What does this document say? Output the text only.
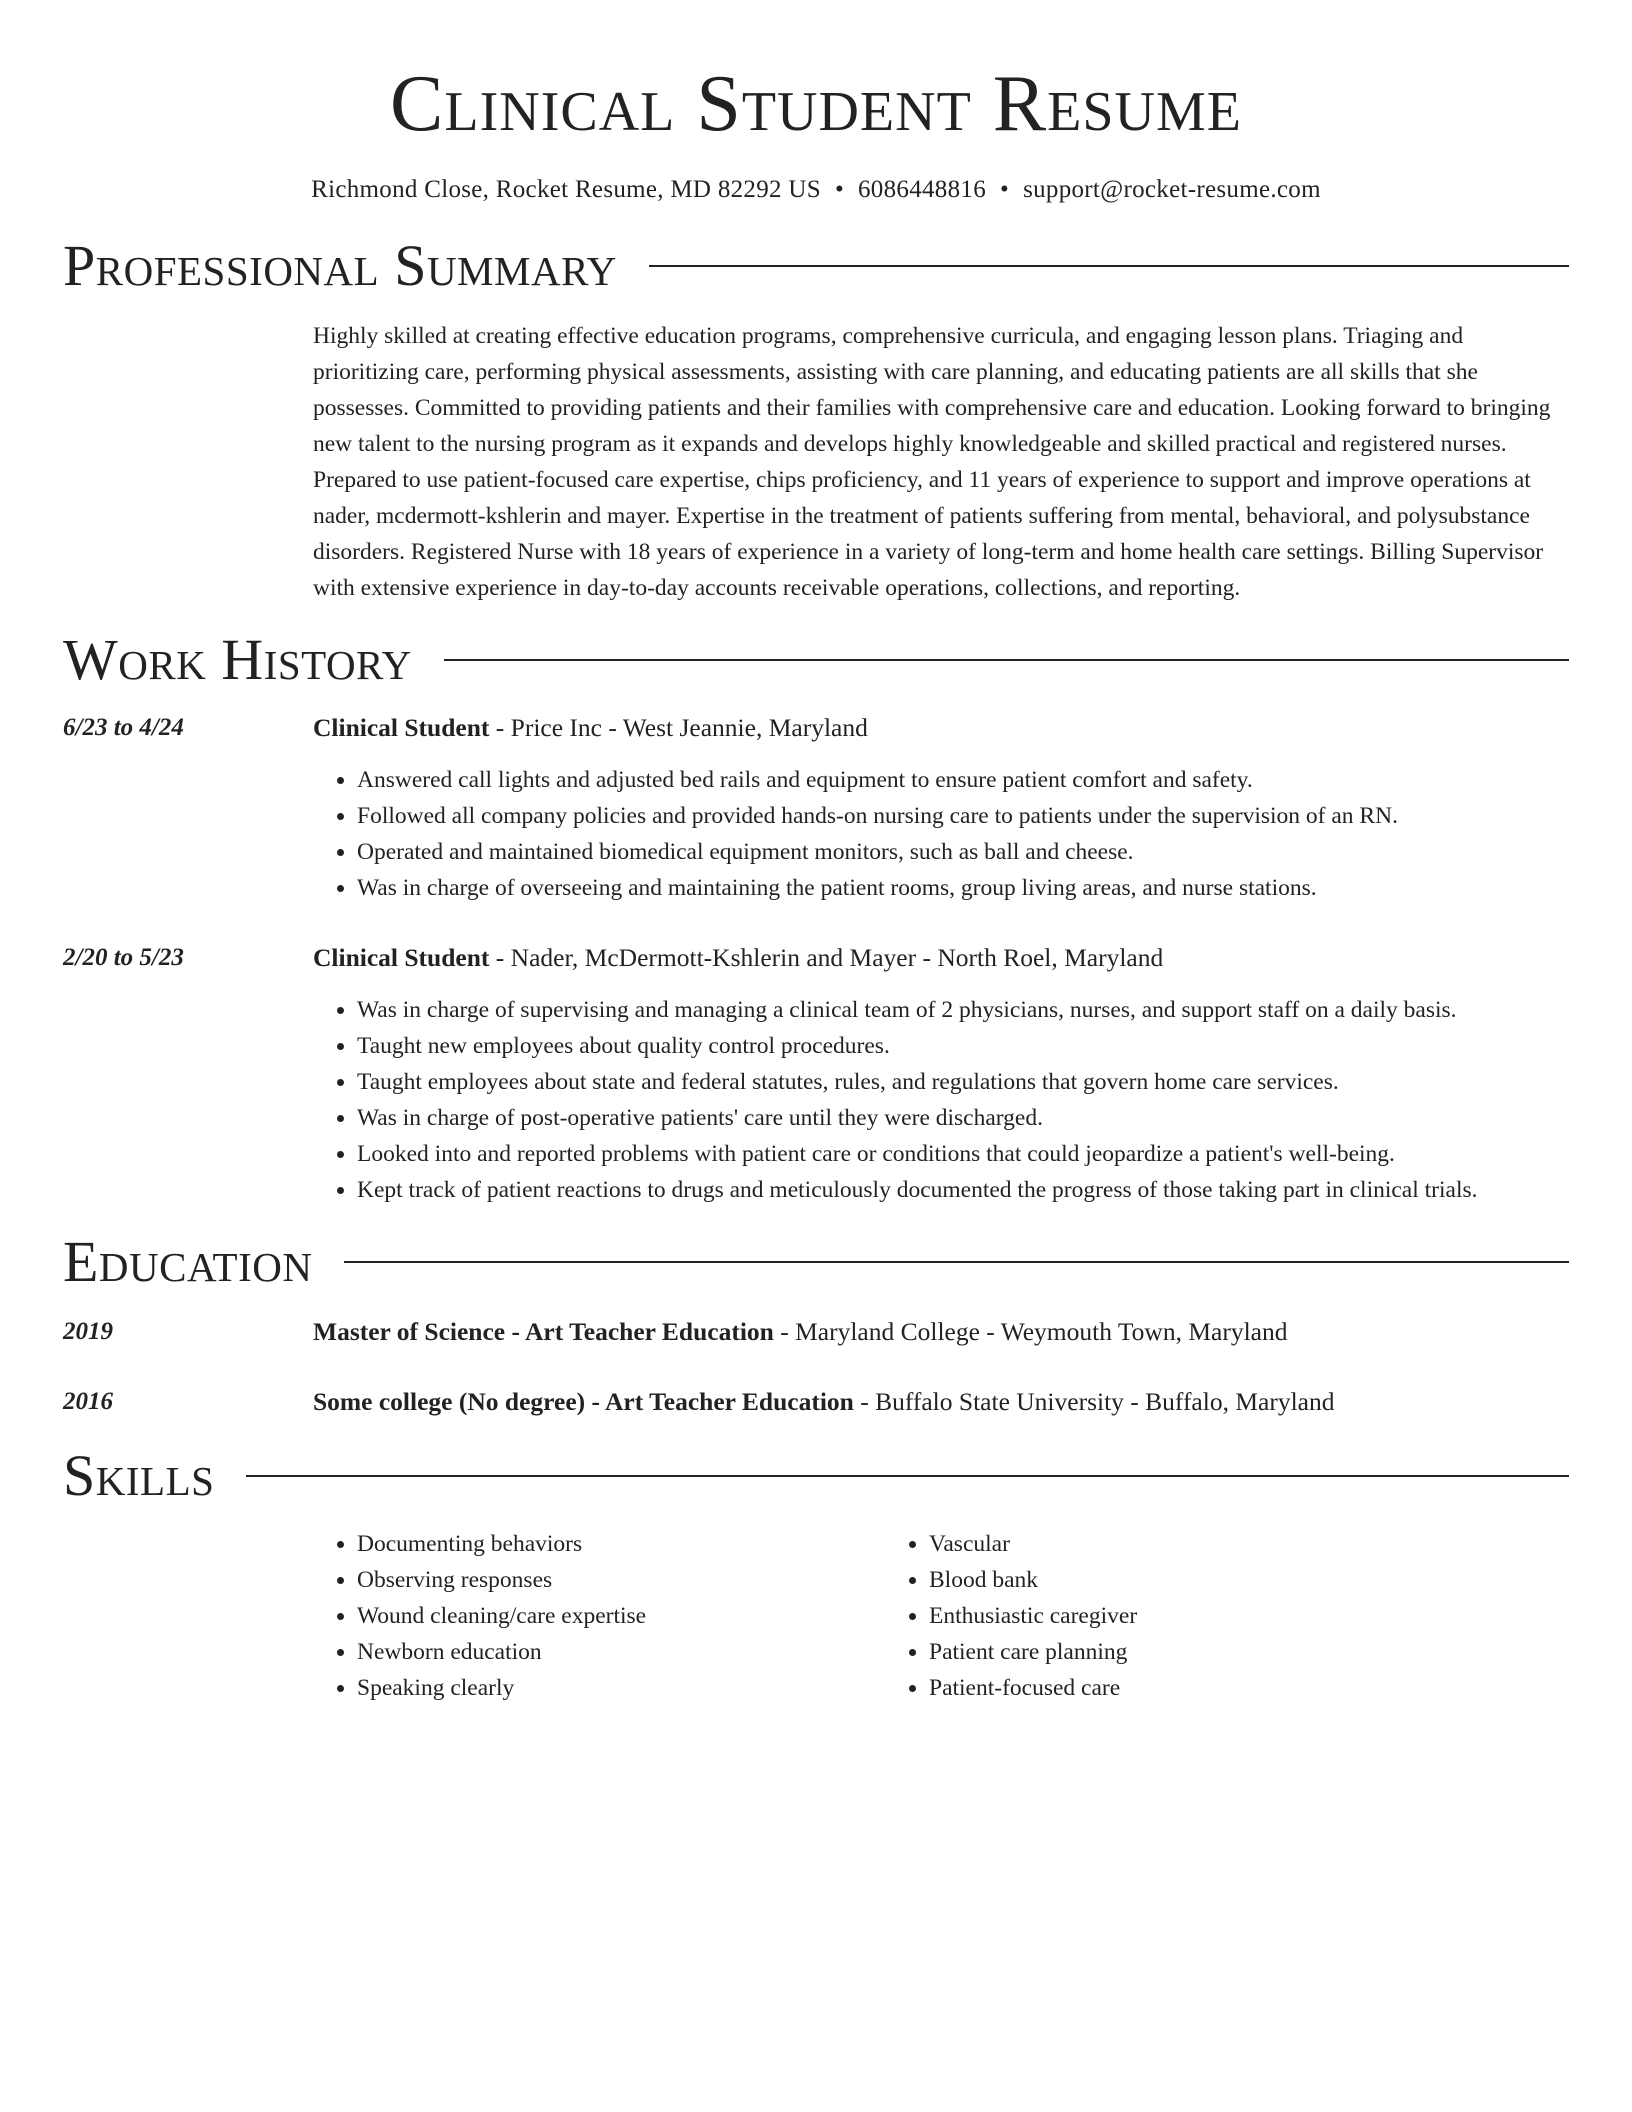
Clinical Student Resume
Richmond Close, Rocket Resume, MD 82292 US • 6086448816 • support@rocket-resume.com
Professional Summary
Highly skilled at creating effective education programs, comprehensive curricula, and engaging lesson plans. Triaging and prioritizing care, performing physical assessments, assisting with care planning, and educating patients are all skills that she possesses. Committed to providing patients and their families with comprehensive care and education. Looking forward to bringing new talent to the nursing program as it expands and develops highly knowledgeable and skilled practical and registered nurses. Prepared to use patient-focused care expertise, chips proficiency, and 11 years of experience to support and improve operations at nader, mcdermott-kshlerin and mayer. Expertise in the treatment of patients suffering from mental, behavioral, and polysubstance disorders. Registered Nurse with 18 years of experience in a variety of long-term and home health care settings. Billing Supervisor with extensive experience in day-to-day accounts receivable operations, collections, and reporting.
Work History
6/23 to 4/24	Clinical Student - Price Inc - West Jeannie, Maryland
• Answered call lights and adjusted bed rails and equipment to ensure patient comfort and safety.
• Followed all company policies and provided hands-on nursing care to patients under the supervision of an RN.
• Operated and maintained biomedical equipment monitors, such as ball and cheese.
• Was in charge of overseeing and maintaining the patient rooms, group living areas, and nurse stations.
2/20 to 5/23	Clinical Student - Nader, McDermott-Kshlerin and Mayer - North Roel, Maryland
• Was in charge of supervising and managing a clinical team of 2 physicians, nurses, and support staff on a daily basis.
• Taught new employees about quality control procedures.
• Taught employees about state and federal statutes, rules, and regulations that govern home care services.
• Was in charge of post-operative patients' care until they were discharged.
• Looked into and reported problems with patient care or conditions that could jeopardize a patient's well-being.
• Kept track of patient reactions to drugs and meticulously documented the progress of those taking part in clinical trials.
Education
2019	Master of Science - Art Teacher Education - Maryland College - Weymouth Town, Maryland
2016	Some college (No degree) - Art Teacher Education - Buffalo State University - Buffalo, Maryland
Skills
• Documenting behaviors
• Observing responses
• Wound cleaning/care expertise
• Newborn education
• Speaking clearly
• Vascular
• Blood bank
• Enthusiastic caregiver
• Patient care planning
• Patient-focused care
